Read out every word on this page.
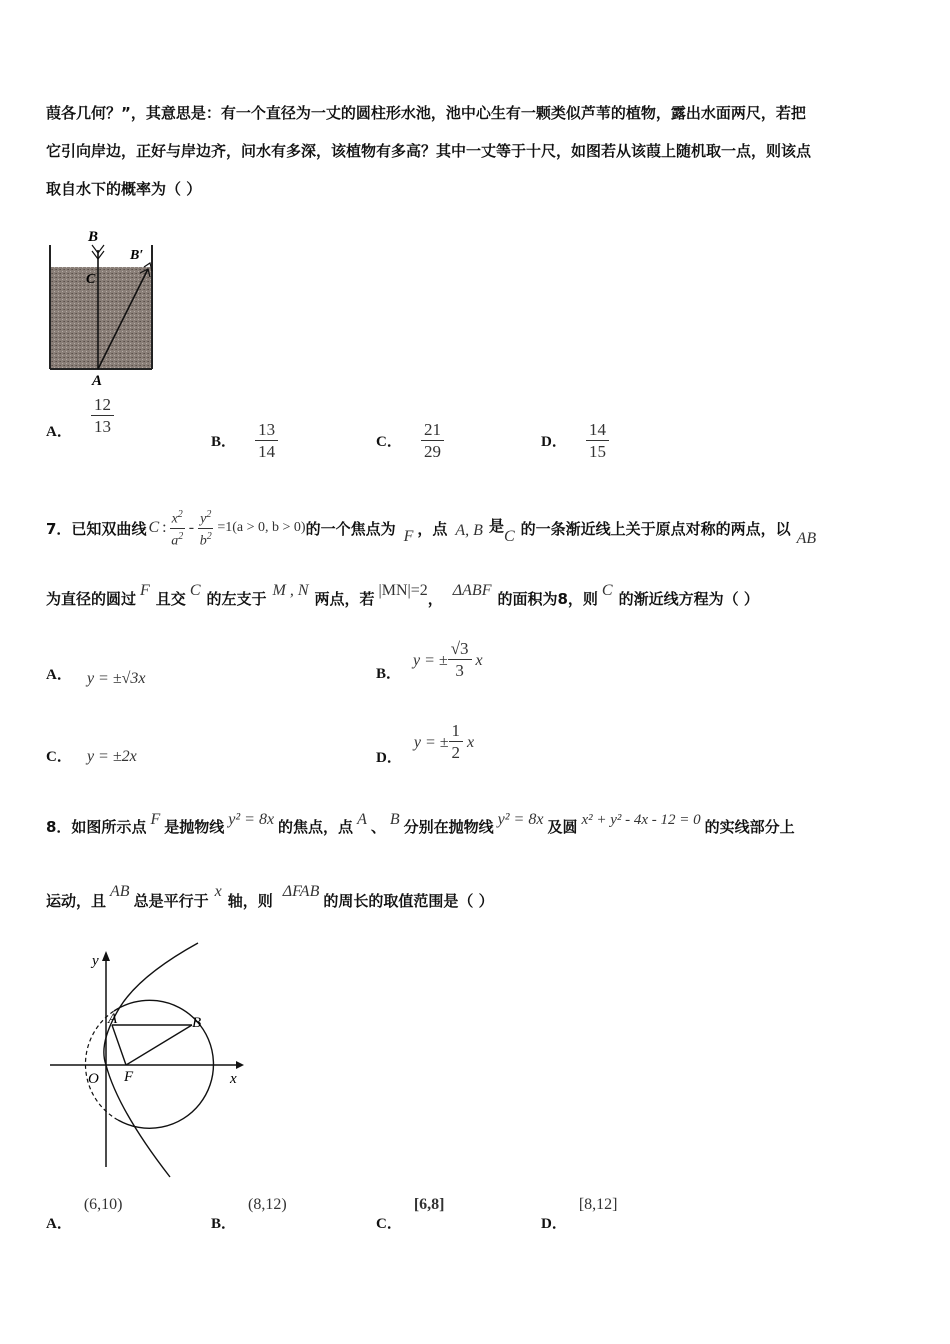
葭各几何？”，其意思是：有一个直径为一丈的圆柱形水池，池中心生有一颗类似芦苇的植物，露出水面两尺，若把
它引向岸边，正好与岸边齐，问水有多深，该植物有多高？其中一丈等于十尺，如图若从该葭上随机取一点，则该点
取自水下的概率为（ ）
B
C
B′
A
A． $\frac{12}{13}$
B． $\frac{13}{14}$	C． $\frac{21}{29}$	D． $\frac{14}{15}$
7．已知双曲线 C : $\frac{x^2}{a^2} - \frac{y^2}{b^2} =1(a > 0$, b > 0) 的一个焦点为 F ，点 A, B 是
C 的一条渐近线上关于原点对称的两点，以
AB
为直径的圆过 F 且交 C 的左支于 M , N 两点，若 |MN|=2 ， ΔABF 的面积为8，则 C 的渐近线方程为（ ）
A． y = ±√3x	B．
y = ± $\frac{√3}{3}$ x
C． y = ±2x	D．
y = ± $\frac{1}{2}$ x
8．如图所示点 F 是抛物线 y² = 8x 的焦点，点 A 、 B 分别在抛物线 y² = 8x 及圆 x² + y² - 4x - 12 = 0 的实线部分上
运动，且 AB 总是平行于 x 轴，则 ΔFAB 的周长的取值范围是（ ）
y
x
O F
A	B
A．
(6,10)
B．
(8,12)
C．
[6,8]
D．
[8,12]
